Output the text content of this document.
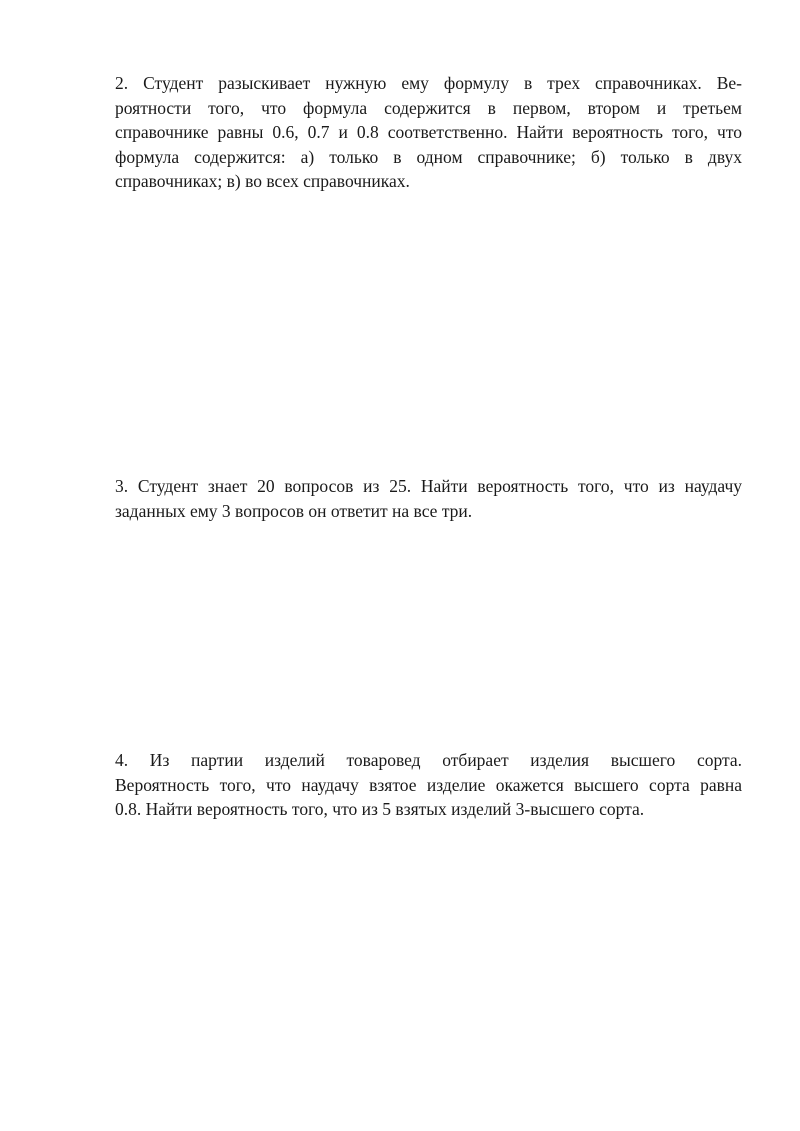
2. Студент разыскивает нужную ему формулу в трех справочниках. Ве-
роятности того, что формула содержится в первом, втором и третьем
справочнике равны 0.6, 0.7 и 0.8 соответственно. Найти вероятность того, что
формула содержится: а) только в одном справочнике; б) только в двух
справочниках; в) во всех справочниках.
3. Студент знает 20 вопросов из 25. Найти вероятность того, что из наудачу
заданных ему 3 вопросов он ответит на все три.
4. Из партии изделий товаровед отбирает изделия высшего сорта.
Вероятность того, что наудачу взятое изделие окажется высшего сорта равна
0.8. Найти вероятность того, что из 5 взятых изделий 3-высшего сорта.
